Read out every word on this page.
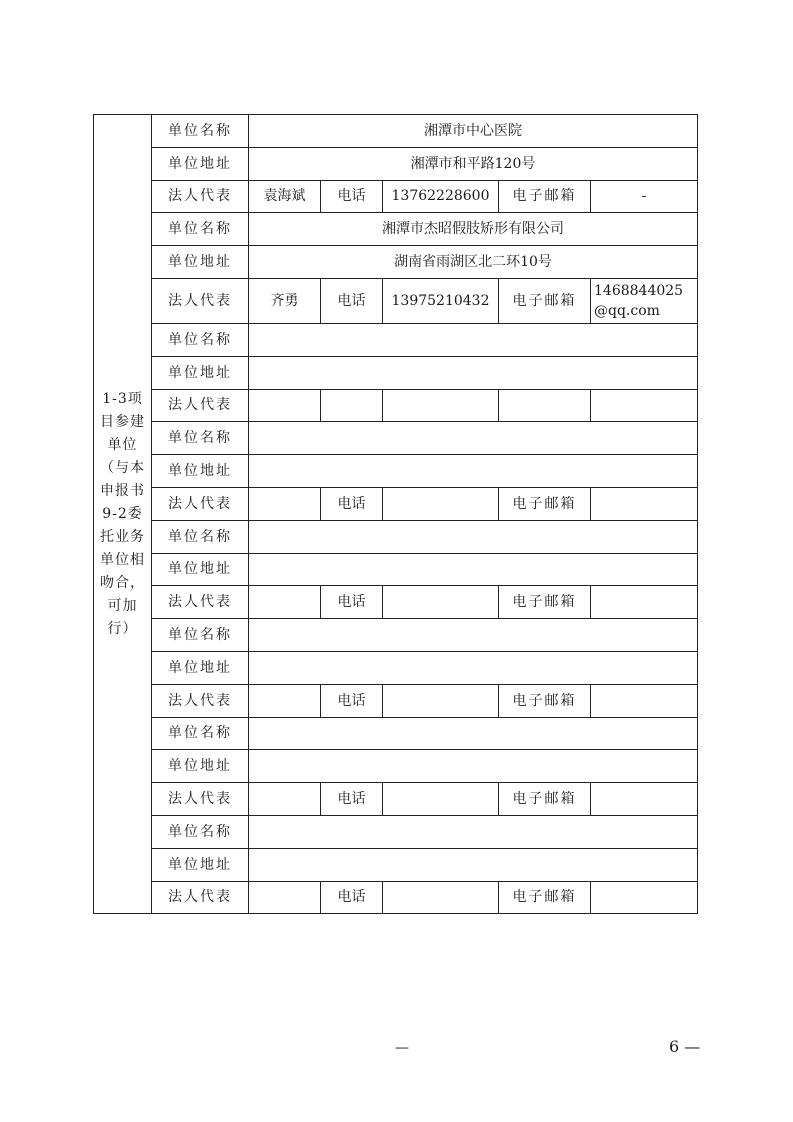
1-3项目参建单位（与本申报书9-2委托业务单位相吻合，可加行）	单位名称	湘潭市中心医院				
	单位地址	湘潭市和平路120号				
	法人代表	袁海斌	电话	13762228600	电子邮箱	-
	单位名称	湘潭市杰昭假肢矫形有限公司				
	单位地址	湖南省雨湖区北二环10号				
	法人代表	齐勇	电话	13975210432	电子邮箱	1468844025@qq.com
	单位名称					
	单位地址					
	法人代表					
	单位名称					
	单位地址					
	法人代表		电话		电子邮箱	
	单位名称					
	单位地址					
	法人代表		电话		电子邮箱	
	单位名称					
	单位地址					
	法人代表		电话		电子邮箱	
	单位名称					
	单位地址					
	法人代表		电话		电子邮箱	
	单位名称					
	单位地址					
	法人代表		电话		电子邮箱	
—	6 —
